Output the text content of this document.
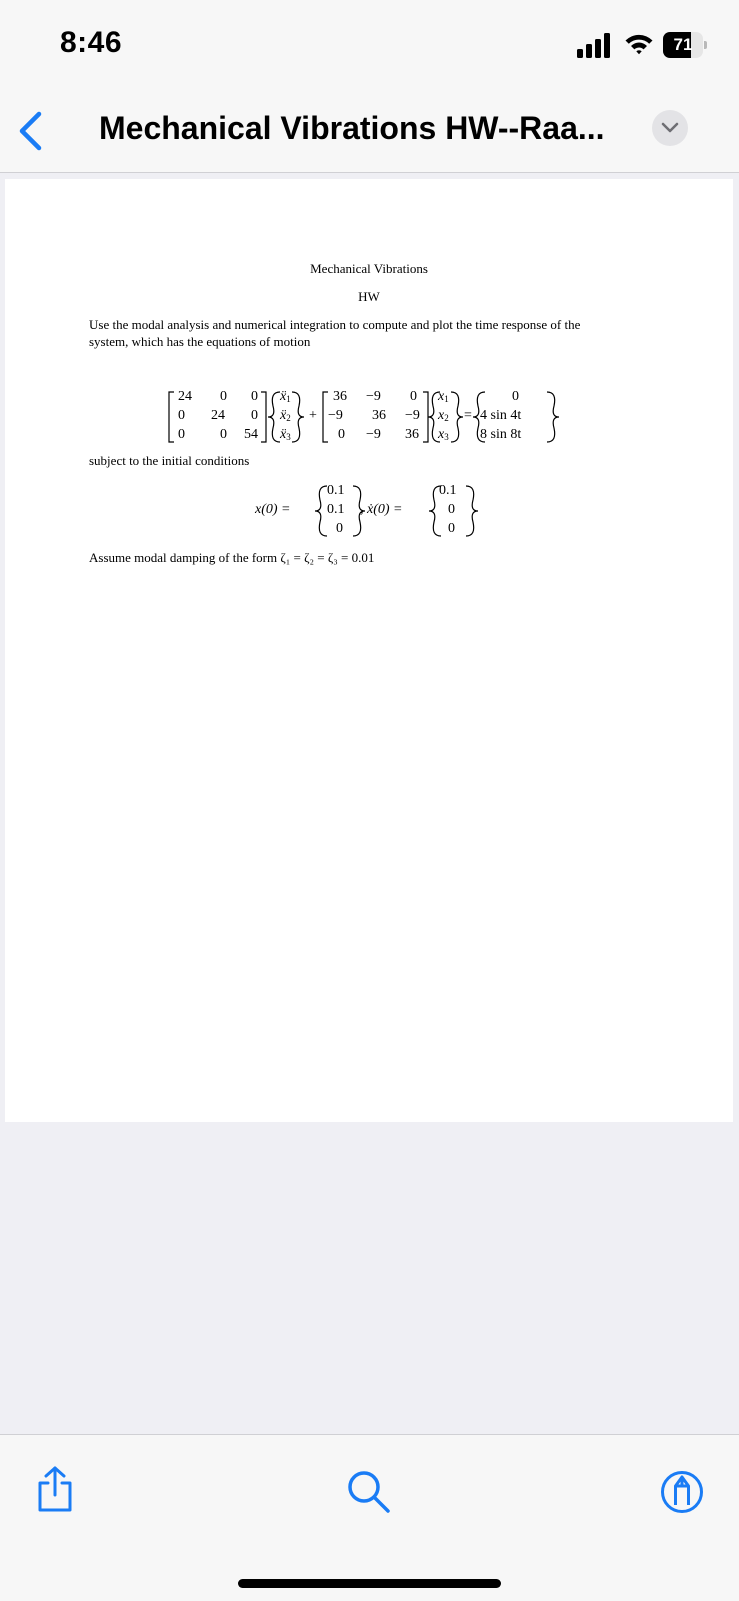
8:46	71
Mechanical Vibrations HW--Raa...
Mechanical Vibrations
HW
Use the modal analysis and numerical integration to compute and plot the time response of the
system, which has the equations of motion
24 0 0
0 24 0
0	0 54
ẍ$_1$
ẍ$_2$
ẍ$_3$
+
36 −9 0
−9 36 −9
0 −9 36
$x_1$
$x_2$
$x_3$
=
0
4 sin 4t
8 sin 8t
subject to the initial conditions
x(0) =
0.1
0.1
0
, ẋ(0) =
0.1
0
0
Assume modal damping of the form ζ₁ = ζ₂ = ζ₃ = 0.01
